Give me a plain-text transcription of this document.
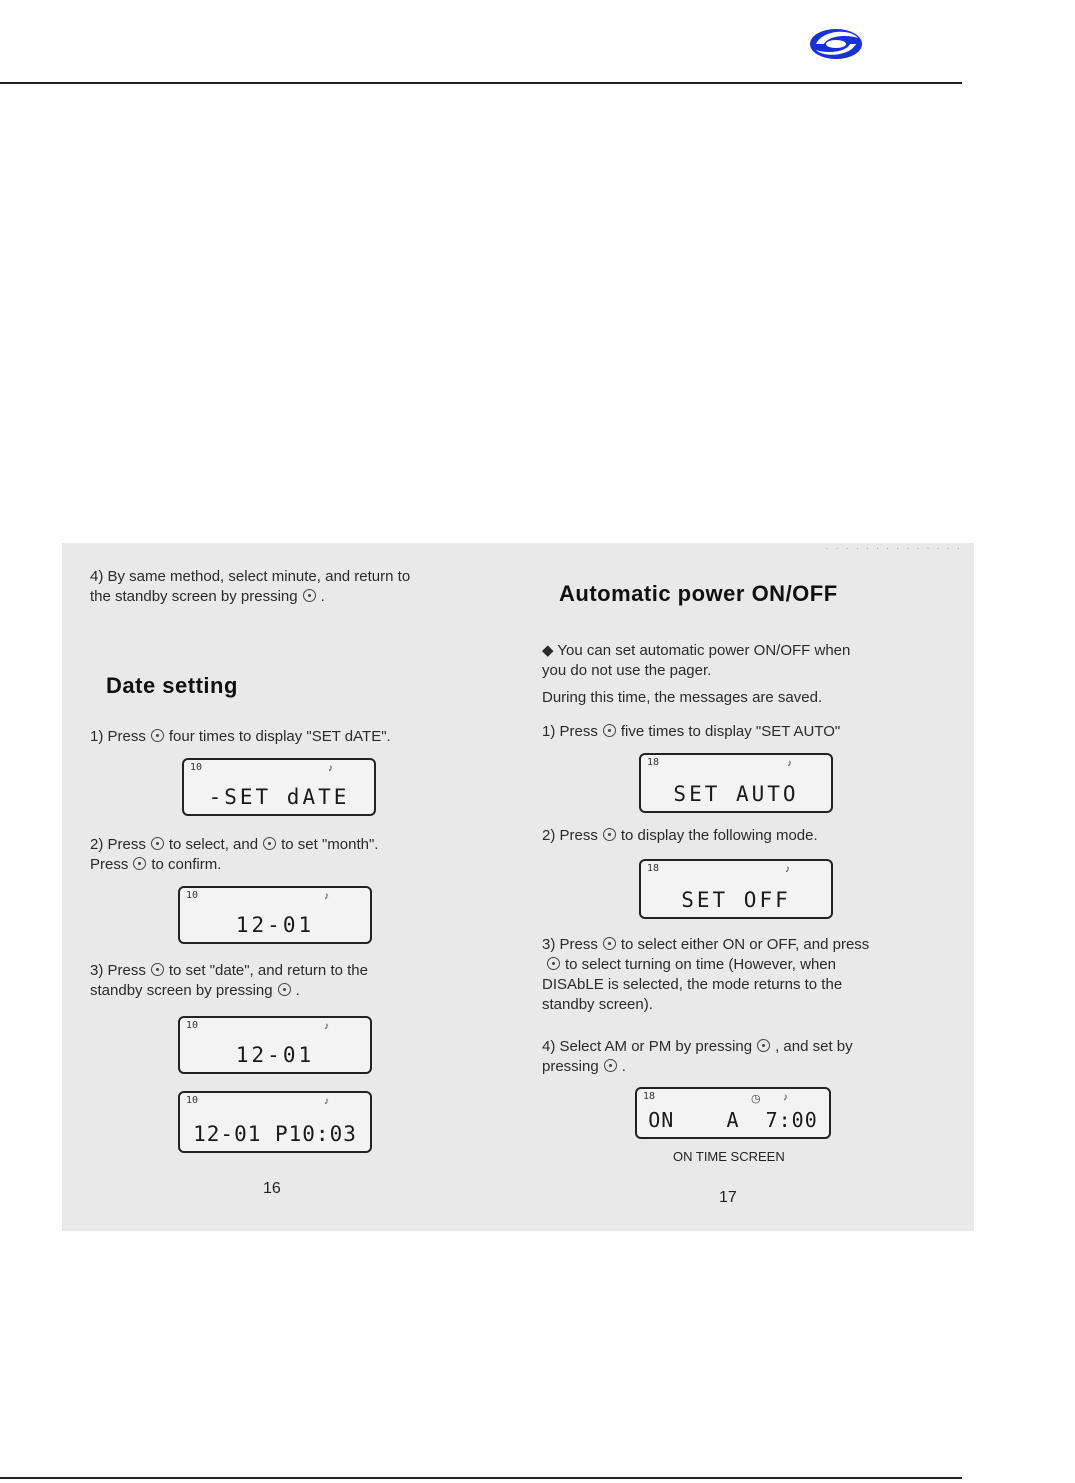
· · · · · · · · · · · · · ·
4) By same method, select minute, and return to
the standby screen by pressing .
Date setting
1) Press four times to display "SET dATE".
10	♪
-SET dATE
2) Press to select, and to set "month".
Press to confirm.
10	♪
12-01
3) Press to set "date", and return to the
standby screen by pressing .
10	♪
12-01
10	♪
12-01 P10:03
16
Automatic power ON/OFF
◆ You can set automatic power ON/OFF when
you do not use the pager.
During this time, the messages are saved.
1) Press five times to display "SET AUTO"
18	♪
SET AUTO
2) Press to display the following mode.
18	♪
SET OFF
3) Press to select either ON or OFF, and press
to select turning on time (However, when
DISAbLE is selected, the mode returns to the
standby screen).
4) Select AM or PM by pressing , and set by
pressing .
18	◷ ♪
ON    A  7:00
ON TIME SCREEN
17
